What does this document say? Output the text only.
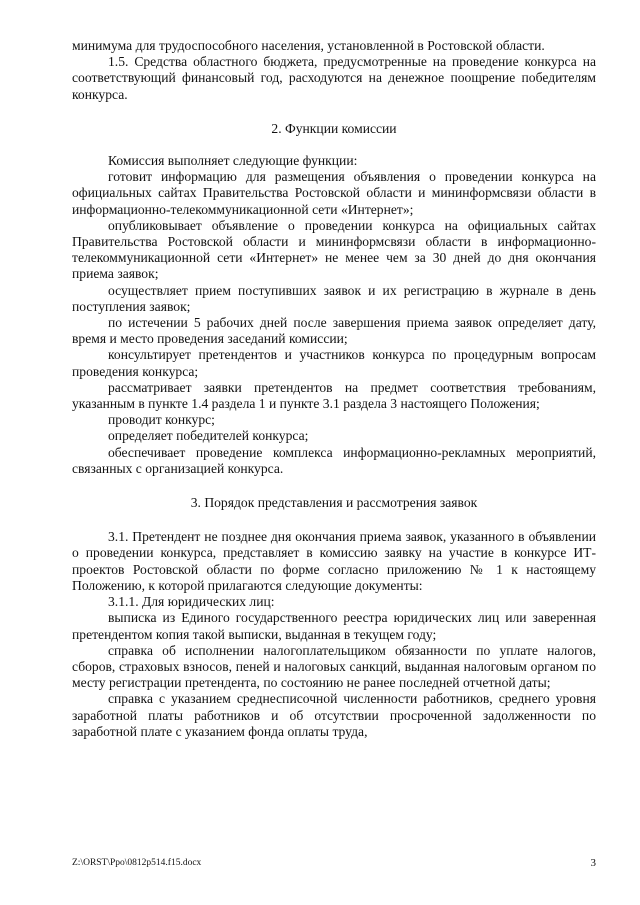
минимума для трудоспособного населения, установленной в Ростовской области.

1.5. Средства областного бюджета, предусмотренные на проведение конкурса на соответствующий финансовый год, расходуются на денежное поощрение победителям конкурса.

2. Функции комиссии

Комиссия выполняет следующие функции:

готовит информацию для размещения объявления о проведении конкурса на официальных сайтах Правительства Ростовской области и мининформсвязи области в информационно-телекоммуникационной сети «Интернет»;

опубликовывает объявление о проведении конкурса на официальных сайтах Правительства Ростовской области и мининформсвязи области в информационно-телекоммуникационной сети «Интернет» не менее чем за 30 дней до дня окончания приема заявок;

осуществляет прием поступивших заявок и их регистрацию в журнале в день поступления заявок;

по истечении 5 рабочих дней после завершения приема заявок определяет дату, время и место проведения заседаний комиссии;

консультирует претендентов и участников конкурса по процедурным вопросам проведения конкурса;

рассматривает заявки претендентов на предмет соответствия требованиям, указанным в пункте 1.4 раздела 1 и пункте 3.1 раздела 3 настоящего Положения;

проводит конкурс;

определяет победителей конкурса;

обеспечивает проведение комплекса информационно-рекламных мероприятий, связанных с организацией конкурса.

3. Порядок представления и рассмотрения заявок

3.1. Претендент не позднее дня окончания приема заявок, указанного в объявлении о проведении конкурса, представляет в комиссию заявку на участие в конкурсе ИТ-проектов Ростовской области по форме согласно приложению № 1 к настоящему Положению, к которой прилагаются следующие документы:

3.1.1. Для юридических лиц:

выписка из Единого государственного реестра юридических лиц или заверенная претендентом копия такой выписки, выданная в текущем году;

справка об исполнении налогоплательщиком обязанности по уплате налогов, сборов, страховых взносов, пеней и налоговых санкций, выданная налоговым органом по месту регистрации претендента, по состоянию не ранее последней отчетной даты;

справка с указанием среднесписочной численности работников, среднего уровня заработной платы работников и об отсутствии просроченной задолженности по заработной плате с указанием фонда оплаты труда,

Z:\ORST\Ppo\0812p514.f15.docx	3
